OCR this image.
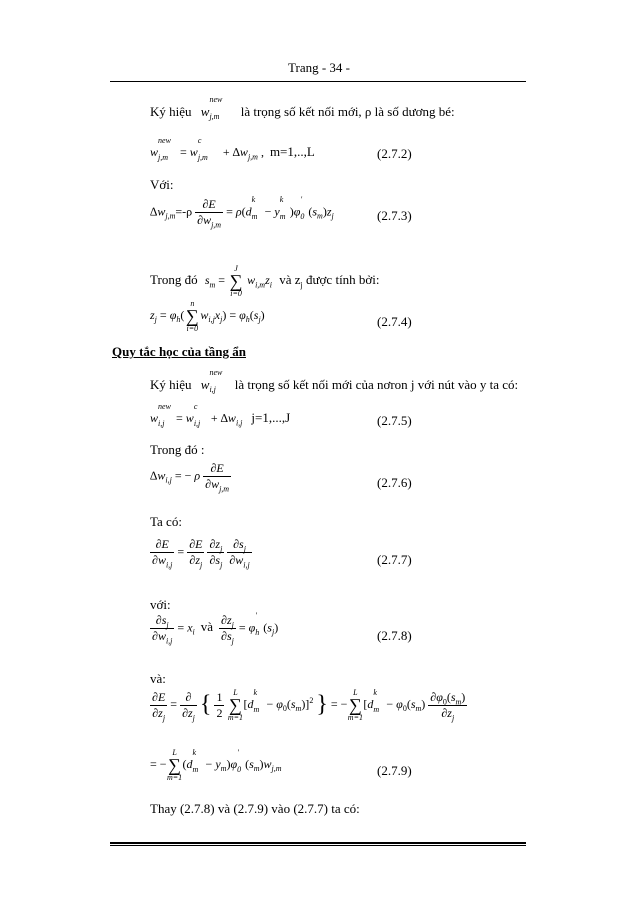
Trang - 34 -
Ký hiệu w
new
j,m là trọng số kết nối mới, ρ là số dương bé:
w
new
j,m = w
c
$j,m + \Delta w_{j,m}$ ,  m=1,..,L	(2.7.2)
Với:
$\Delta w_{j,m}=-\rho \frac{\partial E}{\partial w_{j,m}} = \rho(d$
k
m − y
k
m )φ
'
0 $(s_m)z_j$	(2.7.3)
Trong đó $s_m$ =
J
∑
i=0
$w_{i,m}z_i$ và $z_j$ được tính bởi:
$z_j = \varphi_h$(
n
∑
i=0
$w_{i,j}x_j) = \varphi_h(s_j)$	(2.7.4)
Quy tắc học của tầng ẩn
Ký hiệu w
new
i,j là trọng số kết nối mới của nơron j với nút vào y ta có:
w
new
i,j = w
c
$i,j + \Delta w_{i,j}$ j=1,...,J	(2.7.5)
Trong đó :
$\Delta w_{i,j}$ = − ρ $\frac{\partial E}{\partial w_{j,m}}$	(2.7.6)
Ta có:
$\frac{\partial E}{\partial w_{i,j}} = \frac{\partial E}{\partial z_j}$
$\frac{\partial z_j}{\partial s_j}$
$\frac{\partial s_j}{\partial w_{i,j}}$	(2.7.7)
với:
$\frac{\partial s_j}{\partial w_{i,j}} = x_i$ và $\frac{\partial z_j}{\partial s_j} = \varphi$
'
h $(s_j)$
(2.7.8)
và:
$\frac{\partial E}{\partial z_j} = \frac{\partial}{\partial z_j}$ { $\frac{1}{2}$
	L
∑
m=1
[d
k
$m - \varphi_0(s_m)]^2$ } = −
L
∑
m=1
[d
k
$m - \varphi_0(s_m) \frac{\partial\varphi_0(s_m)}{\partial z_j}$
= −
L
∑
m=1
(d
k
$m - y_m)\varphi$
'
0 $(s_m)w_{j,m}$	(2.7.9)
Thay (2.7.8) và (2.7.9) vào (2.7.7) ta có:
